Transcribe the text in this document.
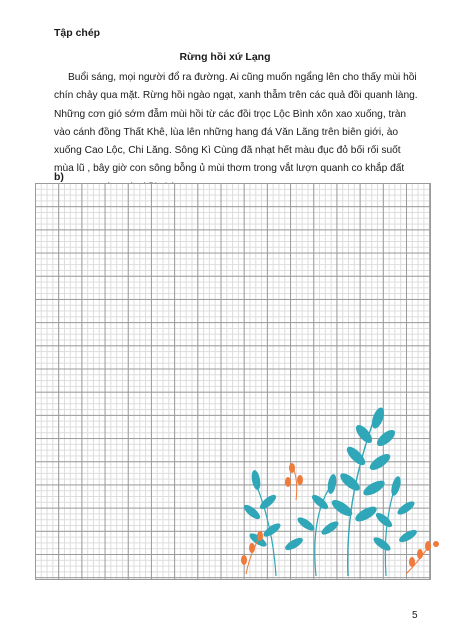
Tập chép
Rừng hồi xứ Lạng

Buổi sáng, mọi người đổ ra đường. Ai cũng muốn ngẩng lên cho thấy mùi hồi chín chảy qua mặt. Rừng hồi ngào ngạt, xanh thẫm trên các quả đồi quanh làng. Những cơn gió sớm đẫm mùi hồi từ các đồi trọc Lộc Bình xôn xao xuống, tràn vào cánh đồng Thất Khê, lùa lên những hang đá Văn Lãng trên biên giới, ào xuống Cao Lộc, Chi Lăng. Sông Kì Cùng đã nhạt hết màu đục đỏ bối rối suốt mùa lũ , bây giờ con sông bỗng ủ mùi thơm trong vắt lượn quanh co khắp đất

b)
5
